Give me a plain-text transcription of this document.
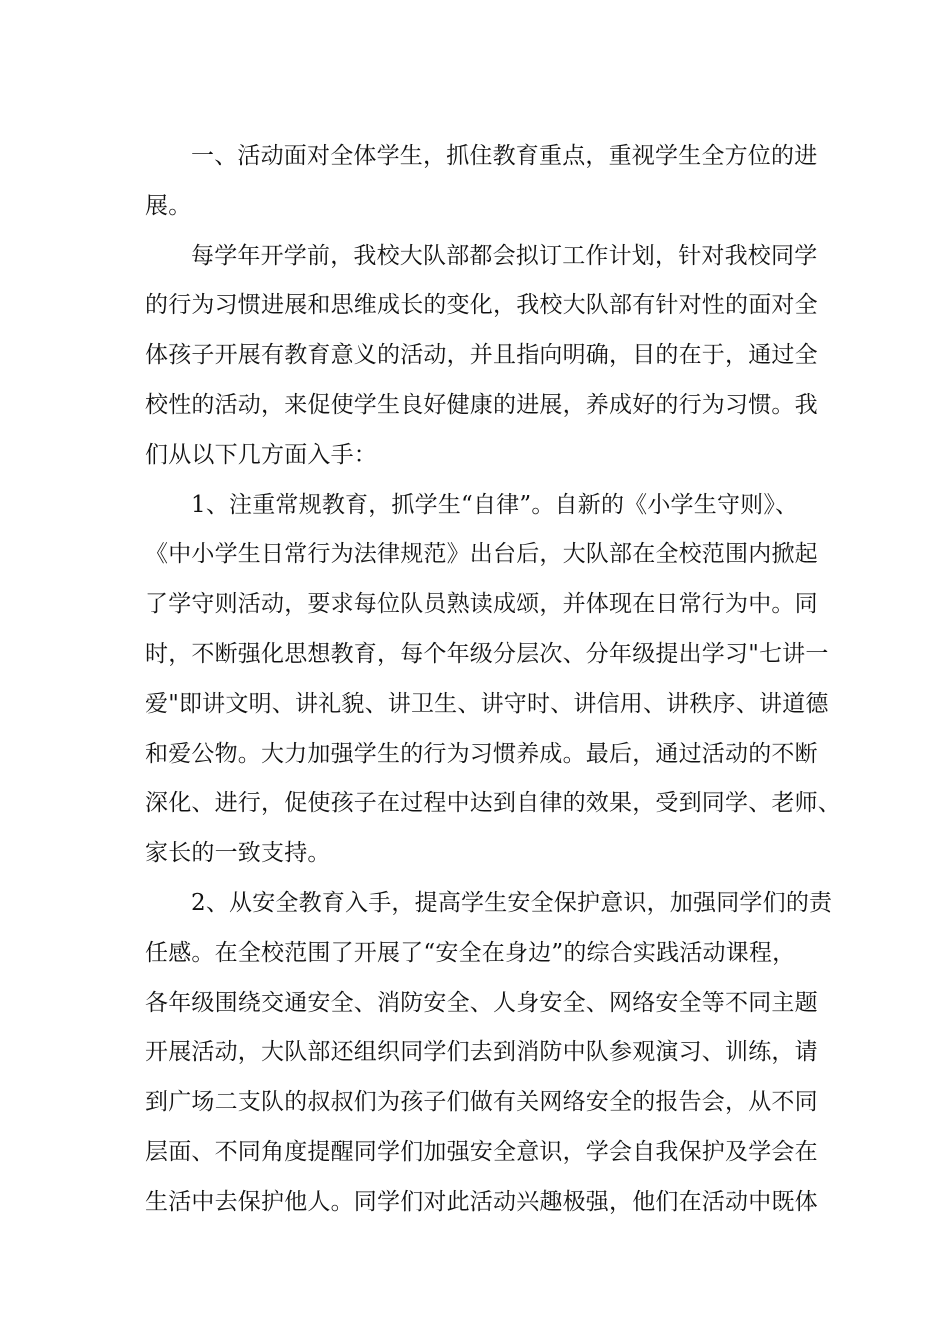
一、活动面对全体学生，抓住教育重点，重视学生全方位的进
展。
每学年开学前，我校大队部都会拟订工作计划，针对我校同学
的行为习惯进展和思维成长的变化，我校大队部有针对性的面对全
体孩子开展有教育意义的活动，并且指向明确，目的在于，通过全
校性的活动，来促使学生良好健康的进展，养成好的行为习惯。我
们从以下几方面入手：
1、注重常规教育，抓学生“自律”。自新的《小学生守则》、
《中小学生日常行为法律规范》出台后，大队部在全校范围内掀起
了学守则活动，要求每位队员熟读成颂，并体现在日常行为中。同
时，不断强化思想教育，每个年级分层次、分年级提出学习"七讲一
爱"即讲文明、讲礼貌、讲卫生、讲守时、讲信用、讲秩序、讲道德
和爱公物。大力加强学生的行为习惯养成。最后，通过活动的不断
深化、进行，促使孩子在过程中达到自律的效果，受到同学、老师、
家长的一致支持。
2、从安全教育入手，提高学生安全保护意识，加强同学们的责
任感。在全校范围了开展了“安全在身边”的综合实践活动课程，
各年级围绕交通安全、消防安全、人身安全、网络安全等不同主题
开展活动，大队部还组织同学们去到消防中队参观演习、训练，请
到广场二支队的叔叔们为孩子们做有关网络安全的报告会，从不同
层面、不同角度提醒同学们加强安全意识，学会自我保护及学会在
生活中去保护他人。同学们对此活动兴趣极强，他们在活动中既体
